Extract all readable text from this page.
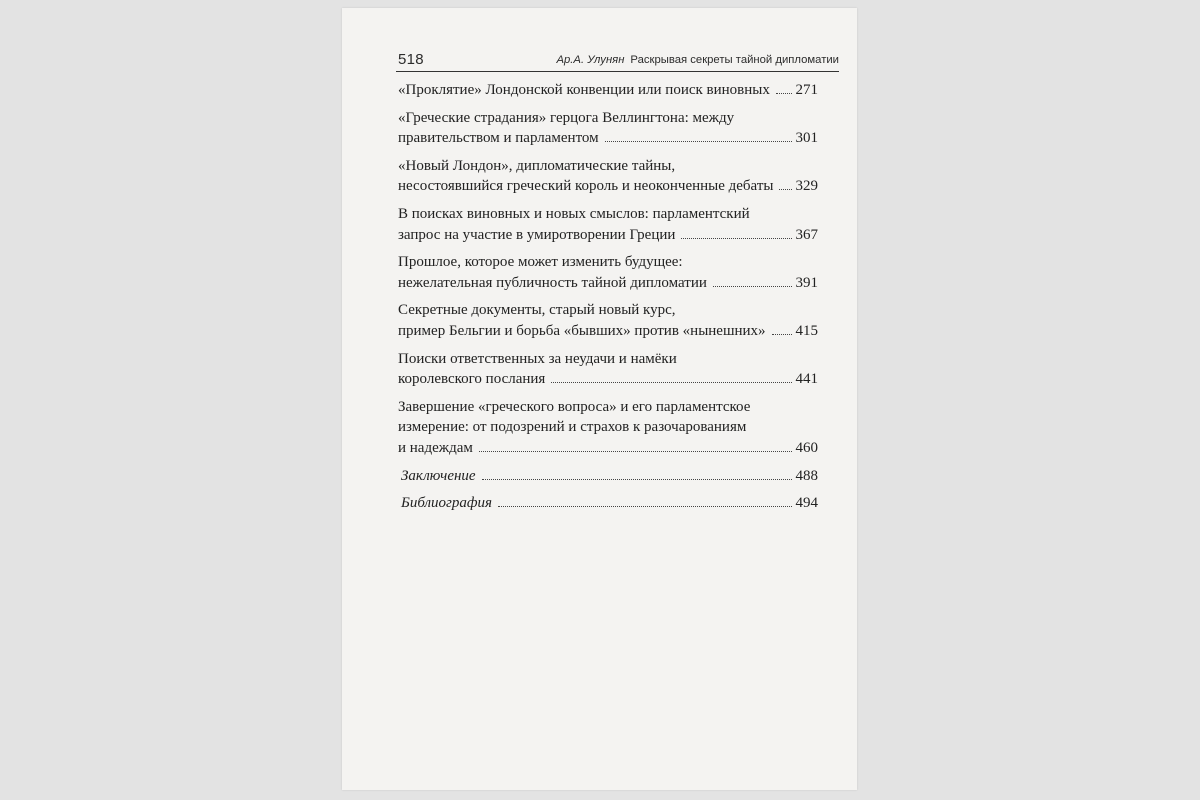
518	Ар.А. Улунян Раскрывая секреты тайной дипломатии
«Проклятие» Лондонской конвенции или поиск виновных 271
«Греческие страдания» герцога Веллингтона: между
правительством и парламентом	301
«Новый Лондон», дипломатические тайны,
несостоявшийся греческий король и неоконченные дебаты 329
В поисках виновных и новых смыслов: парламентский
запрос на участие в умиротворении Греции	367
Прошлое, которое может изменить будущее:
нежелательная публичность тайной дипломатии	391
Секретные документы, старый новый курс,
пример Бельгии и борьба «бывших» против «нынешних» 415
Поиски ответственных за неудачи и намёки
королевского послания	441
Завершение «греческого вопроса» и его парламентское
измерение: от подозрений и страхов к разочарованиям
и надеждам	460
Заключение	488
Библиография	494
